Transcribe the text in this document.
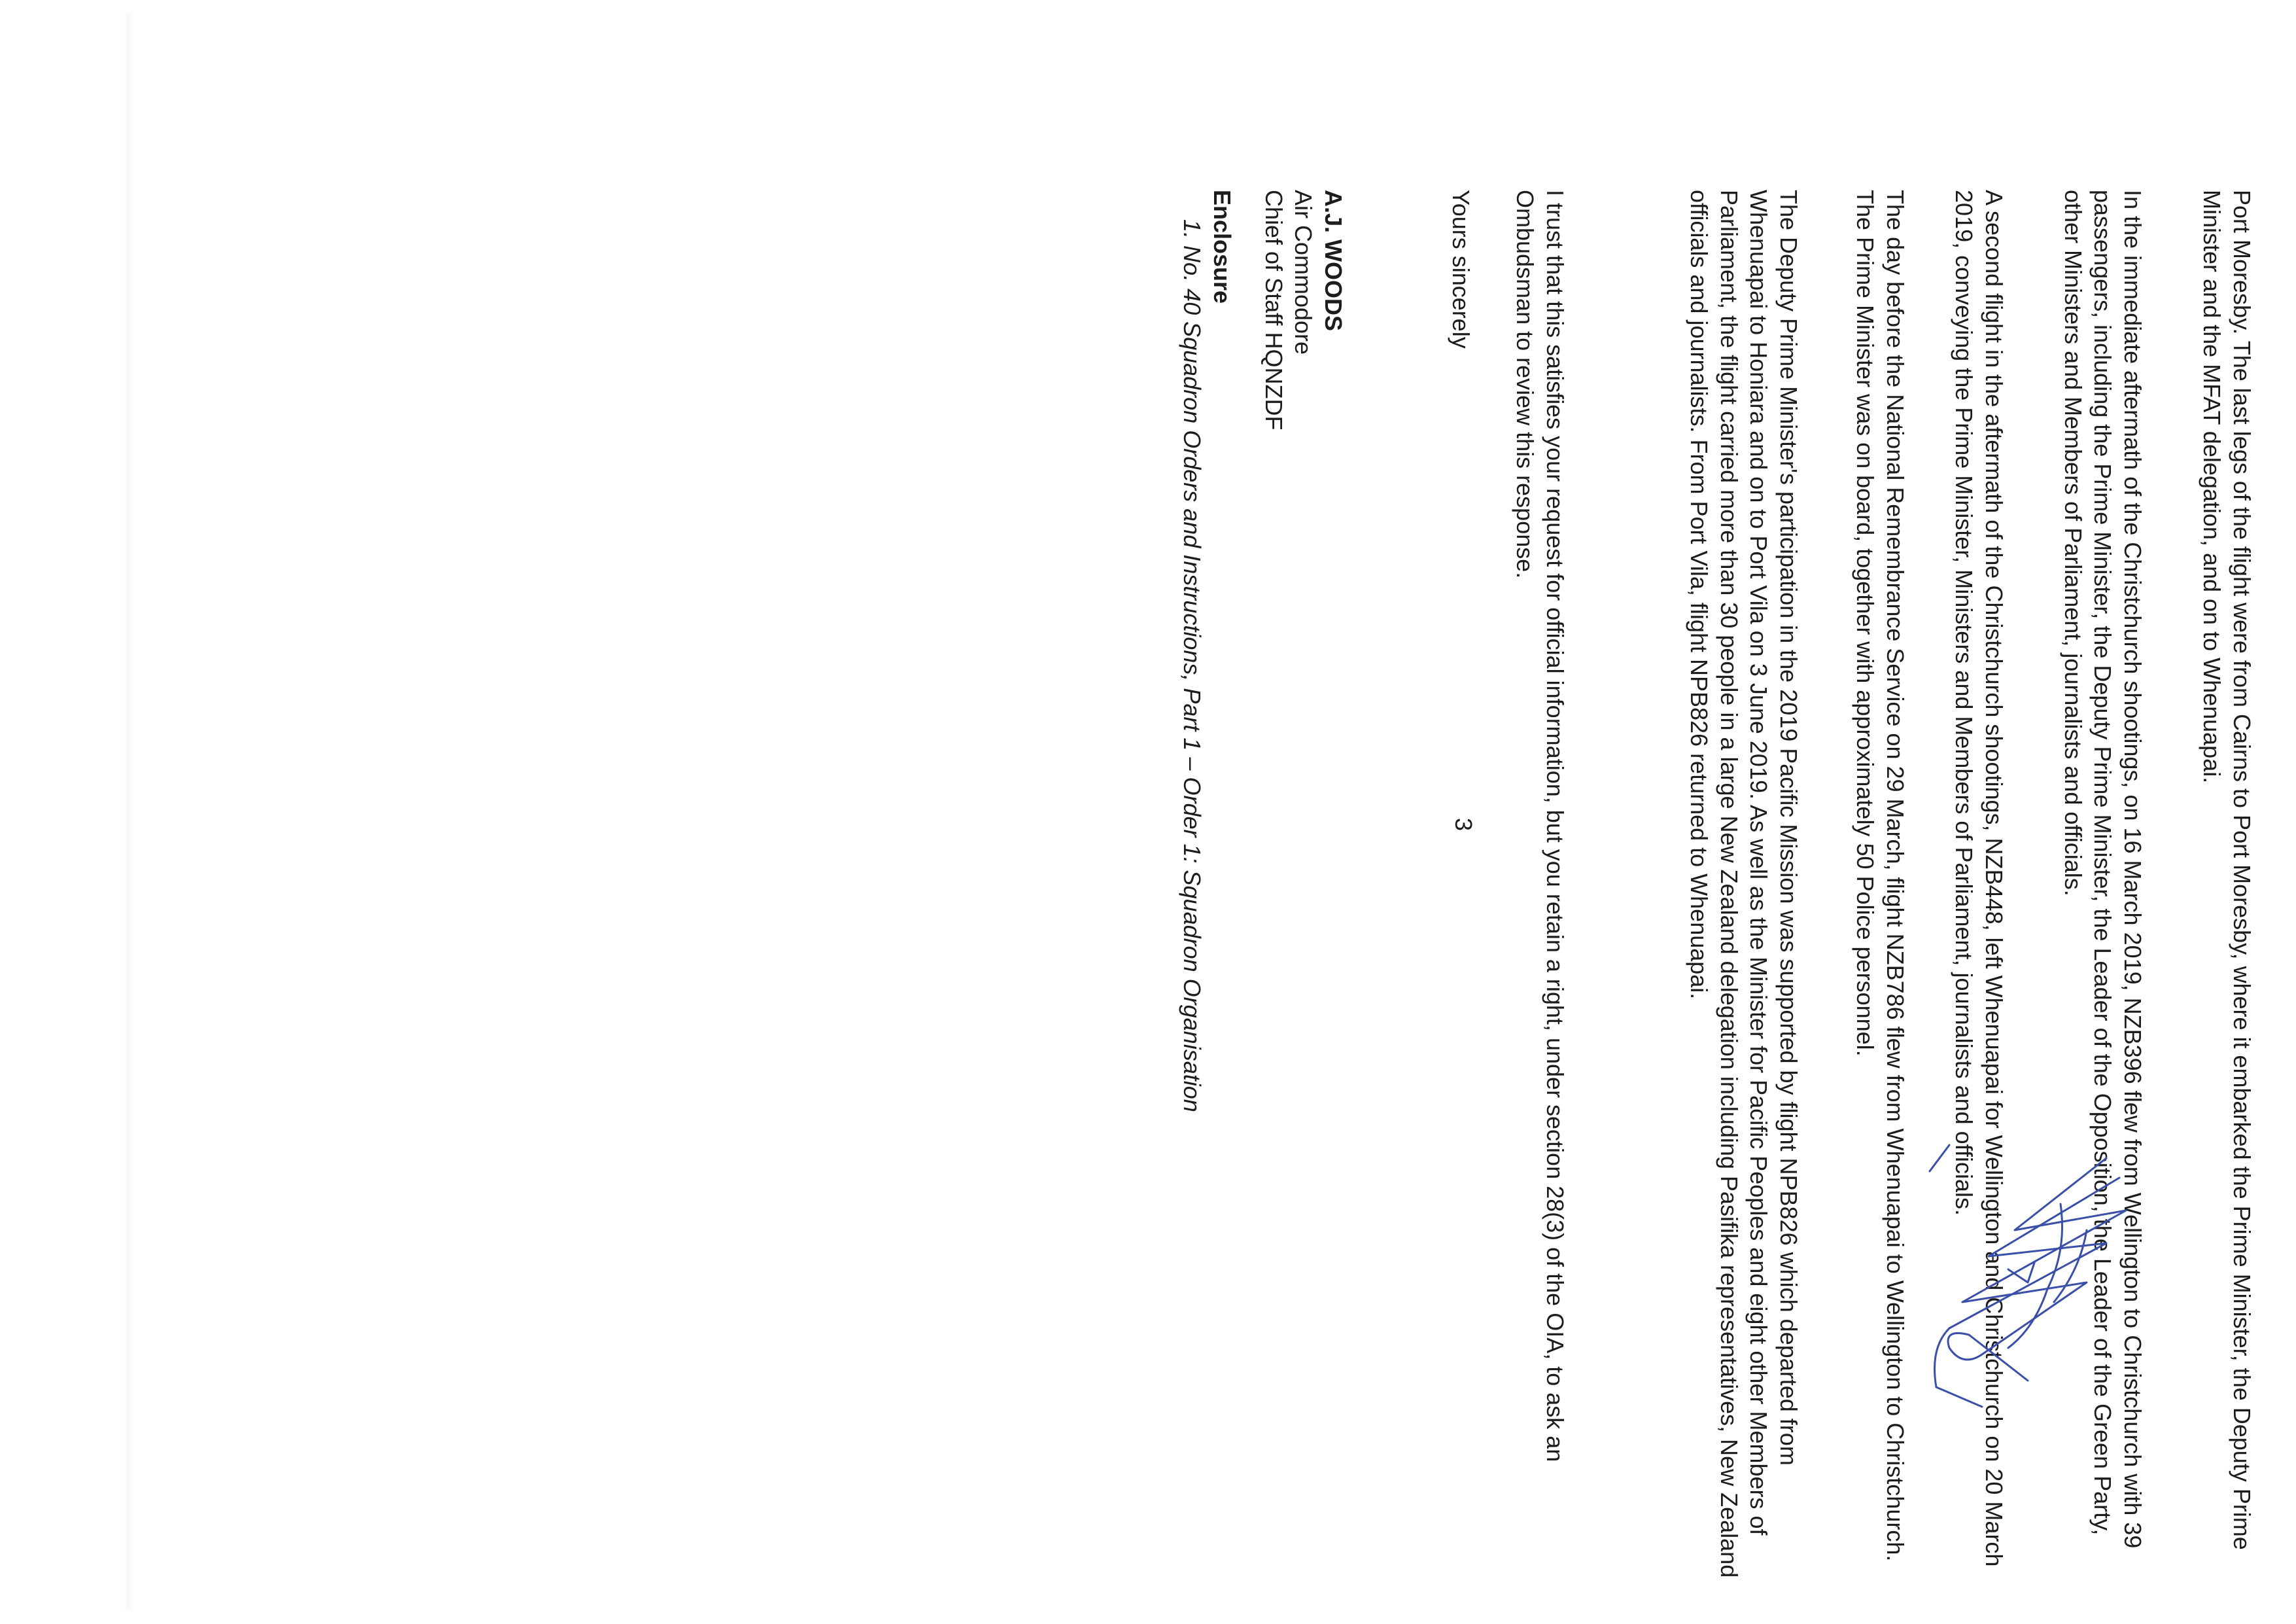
3	Port Moresby. The last legs of the flight were from Cairns to Port Moresby, where it embarked the Prime Minister, the Deputy Prime Minister and the MFAT delegation, and on to Whenuapai.

In the immediate aftermath of the Christchurch shootings, on 16 March 2019, NZB396 flew from Wellington to Christchurch with 39 passengers, including the Prime Minister, the Deputy Prime Minister, the Leader of the Opposition, the Leader of the Green Party, other Ministers and Members of Parliament, journalists and officials.

A second flight in the aftermath of the Christchurch shootings, NZB448, left Whenuapai for Wellington and Christchurch on 20 March 2019, conveying the Prime Minister, Ministers and Members of Parliament, journalists and officials.

The day before the National Remembrance Service on 29 March, flight NZB786 flew from Whenuapai to Wellington to Christchurch. The Prime Minister was on board, together with approximately 50 Police personnel.

The Deputy Prime Minister's participation in the 2019 Pacific Mission was supported by flight NPB826 which departed from Whenuapai to Honiara and on to Port Vila on 3 June 2019. As well as the Minister for Pacific Peoples and eight other Members of Parliament, the flight carried more than 30 people in a large New Zealand delegation including Pasifika representatives, New Zealand officials and journalists. From Port Vila, flight NPB826 returned to Whenuapai.

I trust that this satisfies your request for official information, but you retain a right, under section 28(3) of the OIA, to ask an Ombudsman to review this response.

Yours sincerely

A.J. WOODS
Air Commodore
Chief of Staff HQNZDF
Enclosure
1. No. 40 Squadron Orders and Instructions, Part 1 – Order 1: Squadron Organisation
